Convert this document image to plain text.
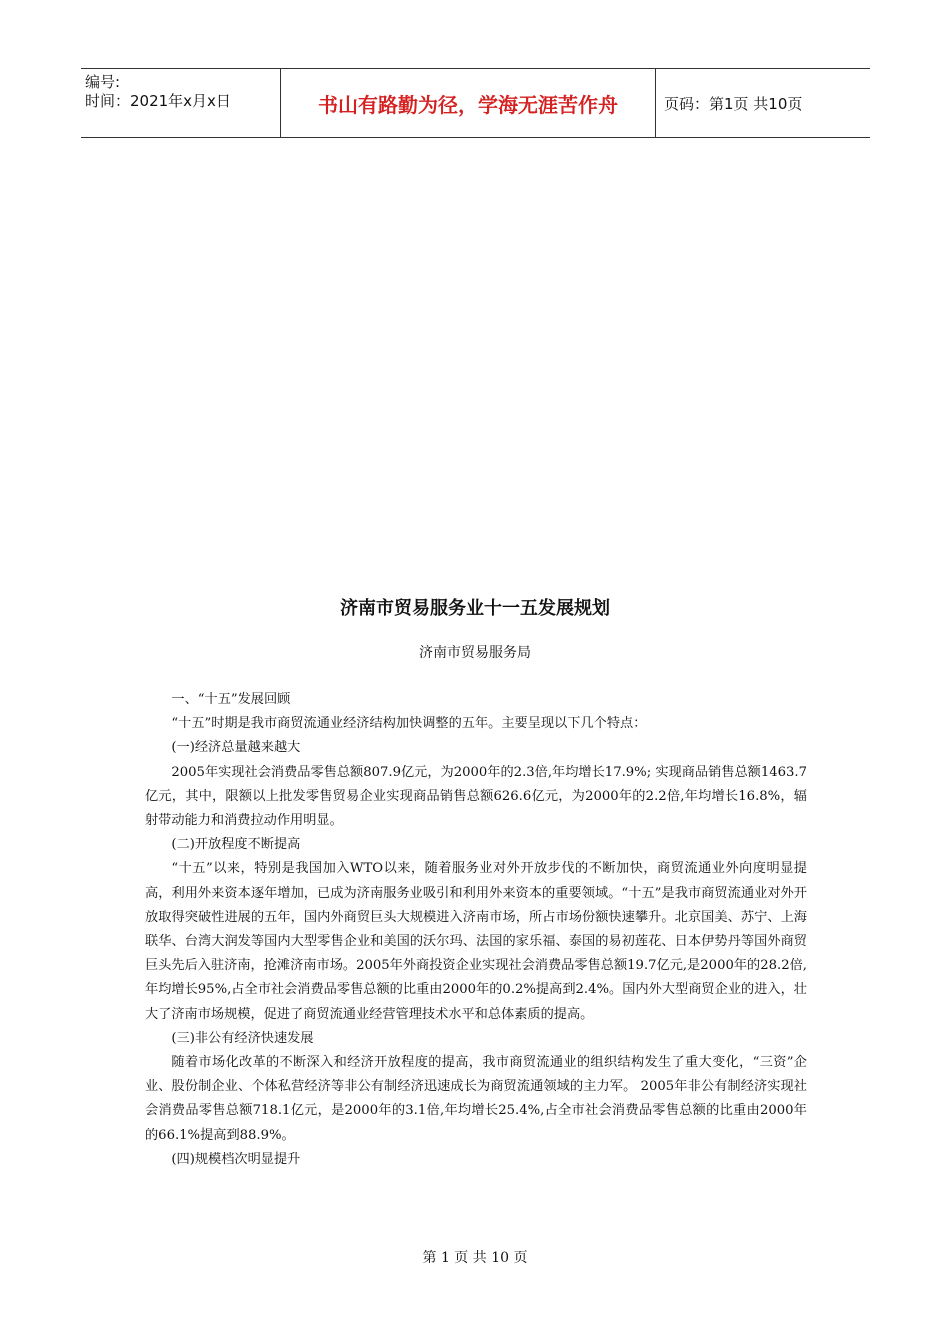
编号:
时间：2021年x月x日	书山有路勤为径，学海无涯苦作舟	页码：第1页 共10页
济南市贸易服务业十一五发展规划
济南市贸易服务局

一、“十五”发展回顾

“十五”时期是我市商贸流通业经济结构加快调整的五年。主要呈现以下几个特点：

(一)经济总量越来越大

2005年实现社会消费品零售总额807.9亿元，为2000年的2.3倍,年均增长17.9%; 实现商品销售总额1463.7亿元，其中，限额以上批发零售贸易企业实现商品销售总额626.6亿元，为2000年的2.2倍,年均增长16.8%，辐射带动能力和消费拉动作用明显。

(二)开放程度不断提高

“十五”以来，特别是我国加入WTO以来，随着服务业对外开放步伐的不断加快，商贸流通业外向度明显提高，利用外来资本逐年增加，已成为济南服务业吸引和利用外来资本的重要领域。“十五”是我市商贸流通业对外开放取得突破性进展的五年，国内外商贸巨头大规模进入济南市场，所占市场份额快速攀升。北京国美、苏宁、上海联华、台湾大润发等国内大型零售企业和美国的沃尔玛、法国的家乐福、泰国的易初莲花、日本伊势丹等国外商贸巨头先后入驻济南，抢滩济南市场。2005年外商投资企业实现社会消费品零售总额19.7亿元,是2000年的28.2倍,年均增长95%,占全市社会消费品零售总额的比重由2000年的0.2%提高到2.4%。国内外大型商贸企业的进入，壮大了济南市场规模，促进了商贸流通业经营管理技术水平和总体素质的提高。

(三)非公有经济快速发展

随着市场化改革的不断深入和经济开放程度的提高，我市商贸流通业的组织结构发生了重大变化，“三资”企业、股份制企业、个体私营经济等非公有制经济迅速成长为商贸流通领域的主力军。 2005年非公有制经济实现社会消费品零售总额718.1亿元，是2000年的3.1倍,年均增长25.4%,占全市社会消费品零售总额的比重由2000年的66.1%提高到88.9%。

(四)规模档次明显提升

第 1 页 共 10 页
